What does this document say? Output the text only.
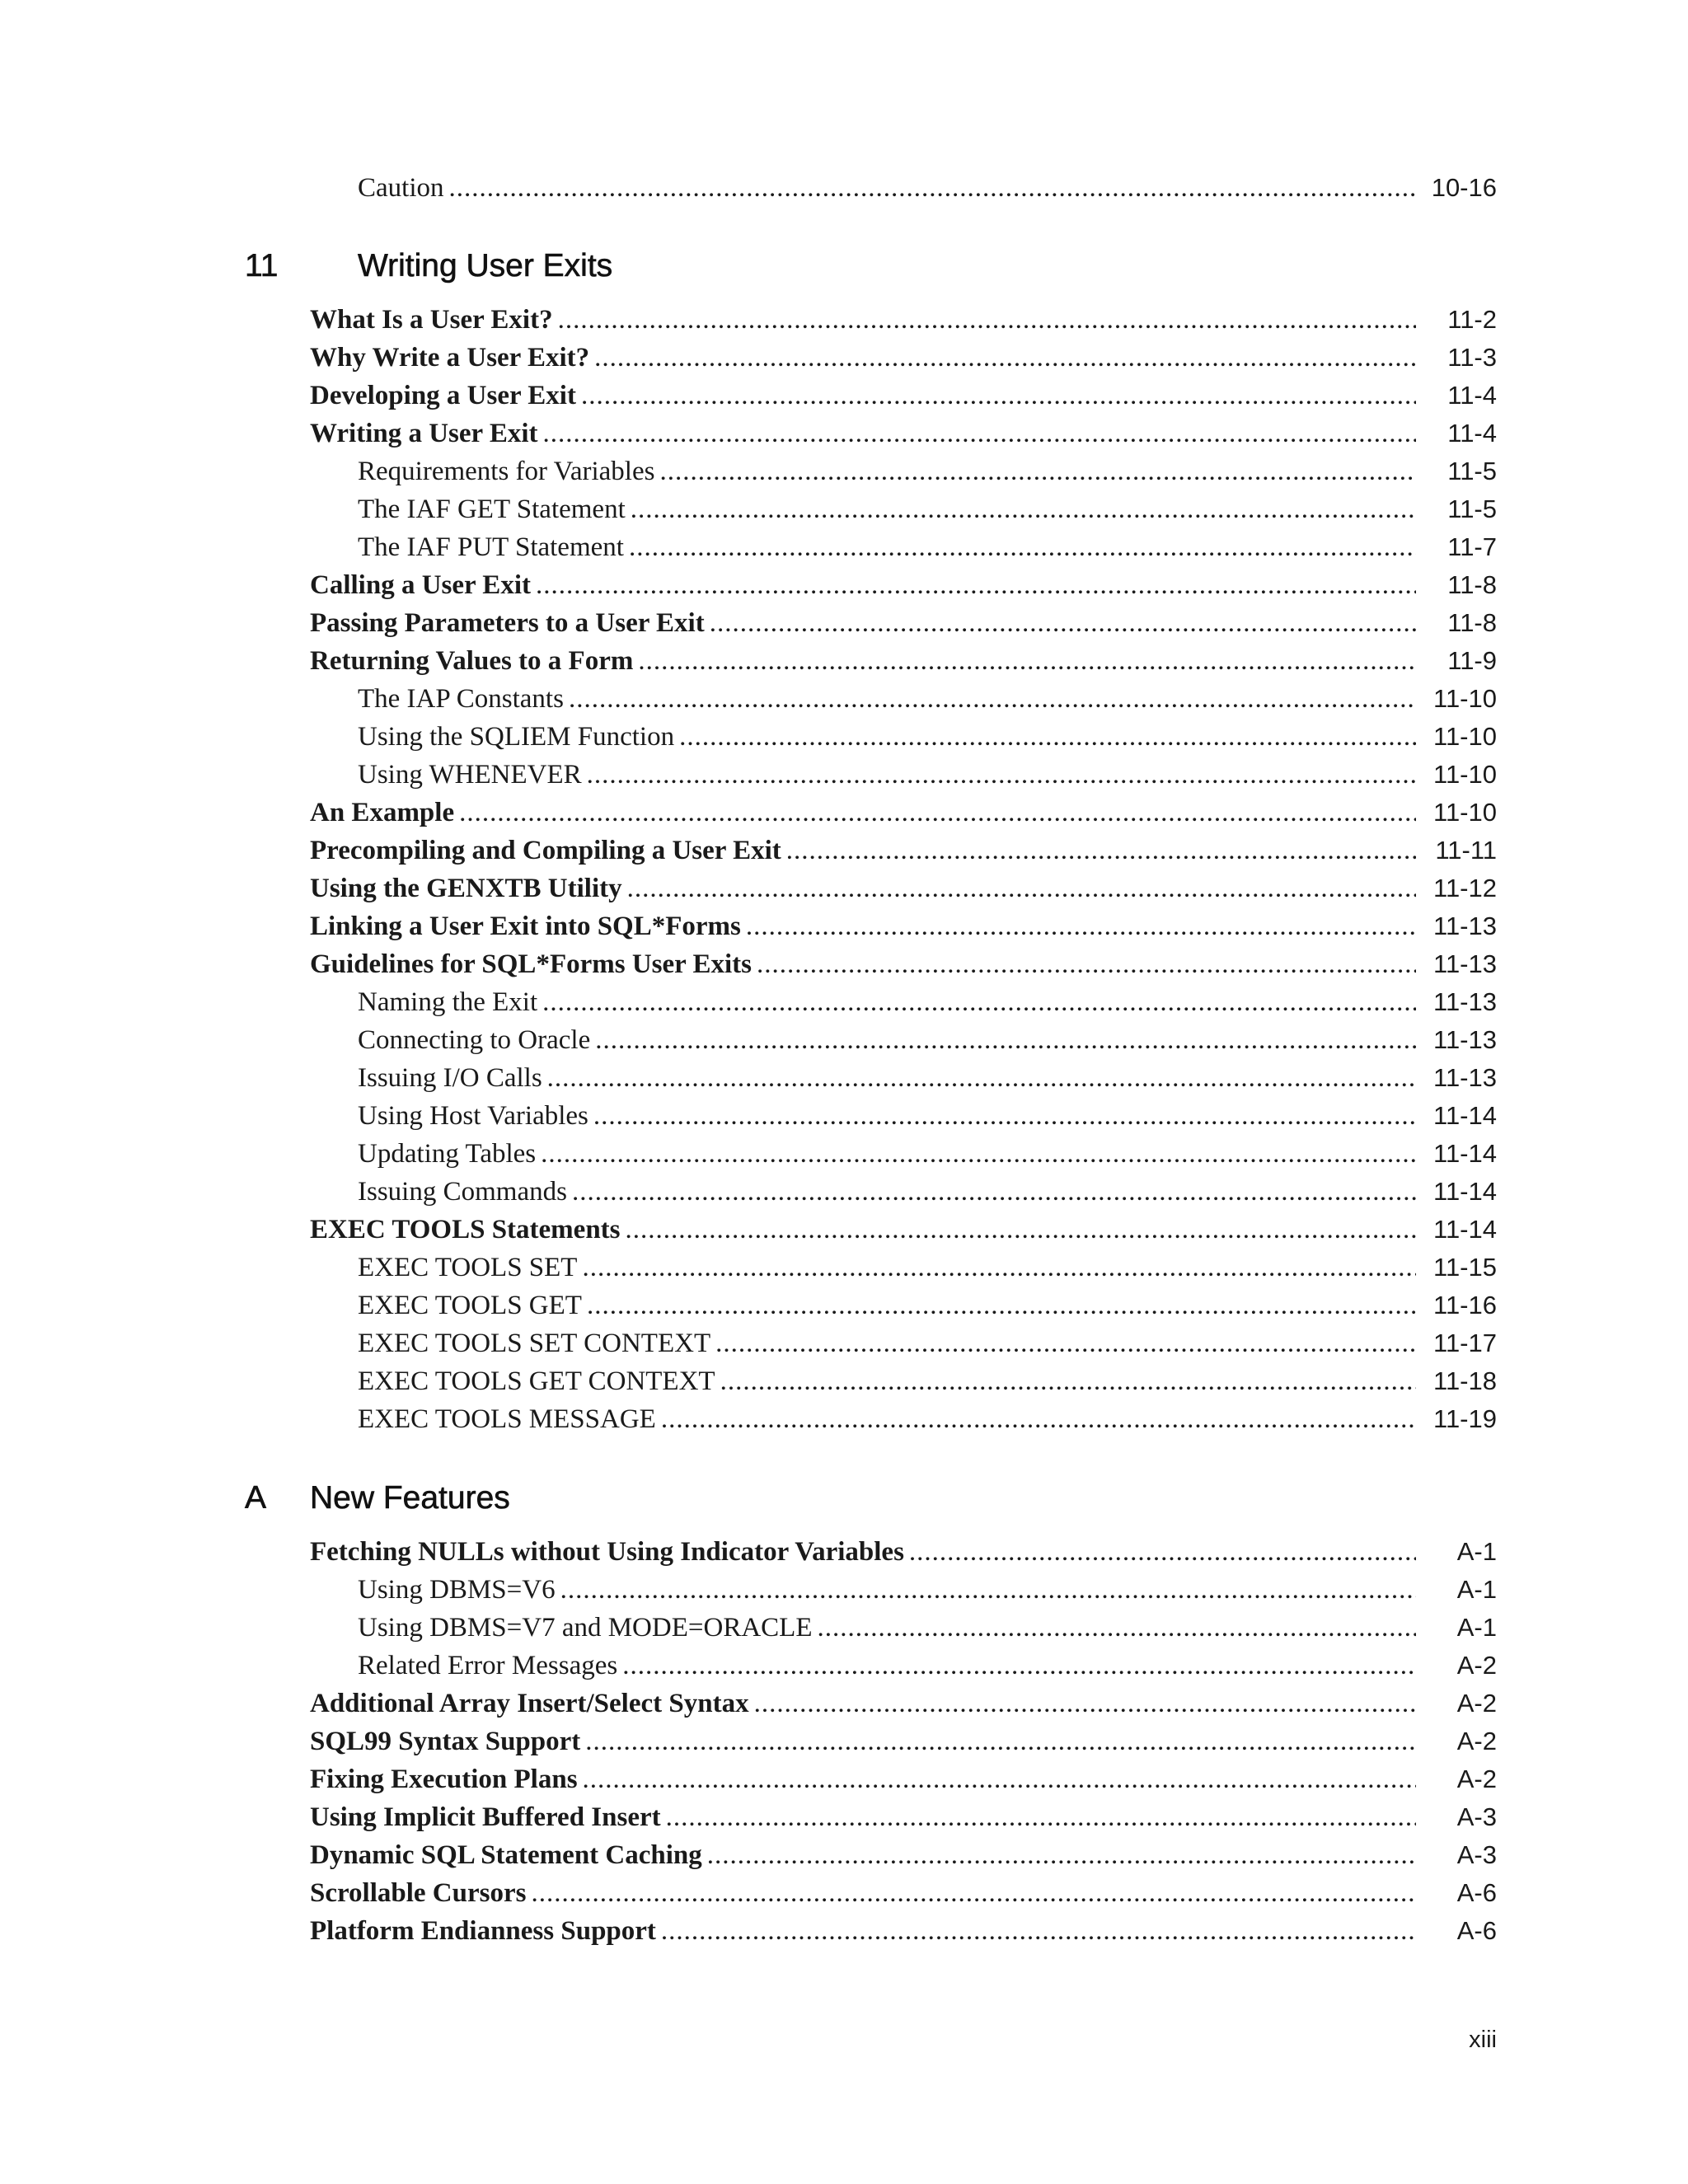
Caution .....	10-16
11 Writing User Exits
What Is a User Exit? .....	11-2
Why Write a User Exit? .....	11-3
Developing a User Exit .....	11-4
Writing a User Exit .....	11-4
Requirements for Variables .....	11-5
The IAF GET Statement .....	11-5
The IAF PUT Statement .....	11-7
Calling a User Exit .....	11-8
Passing Parameters to a User Exit .....	11-8
Returning Values to a Form .....	11-9
The IAP Constants .....	11-10
Using the SQLIEM Function .....	11-10
Using WHENEVER .....	11-10
An Example .....	11-10
Precompiling and Compiling a User Exit .....	11-11
Using the GENXTB Utility .....	11-12
Linking a User Exit into SQL*Forms .....	11-13
Guidelines for SQL*Forms User Exits .....	11-13
Naming the Exit .....	11-13
Connecting to Oracle .....	11-13
Issuing I/O Calls .....	11-13
Using Host Variables .....	11-14
Updating Tables .....	11-14
Issuing Commands .....	11-14
EXEC TOOLS Statements .....	11-14
EXEC TOOLS SET .....	11-15
EXEC TOOLS GET .....	11-16
EXEC TOOLS SET CONTEXT .....	11-17
EXEC TOOLS GET CONTEXT .....	11-18
EXEC TOOLS MESSAGE .....	11-19
A New Features
Fetching NULLs without Using Indicator Variables .....	A-1
Using DBMS=V6 .....	A-1
Using DBMS=V7 and MODE=ORACLE .....	A-1
Related Error Messages .....	A-2
Additional Array Insert/Select Syntax .....	A-2
SQL99 Syntax Support .....	A-2
Fixing Execution Plans .....	A-2
Using Implicit Buffered Insert .....	A-3
Dynamic SQL Statement Caching .....	A-3
Scrollable Cursors .....	A-6
Platform Endianness Support .....	A-6
xiii
